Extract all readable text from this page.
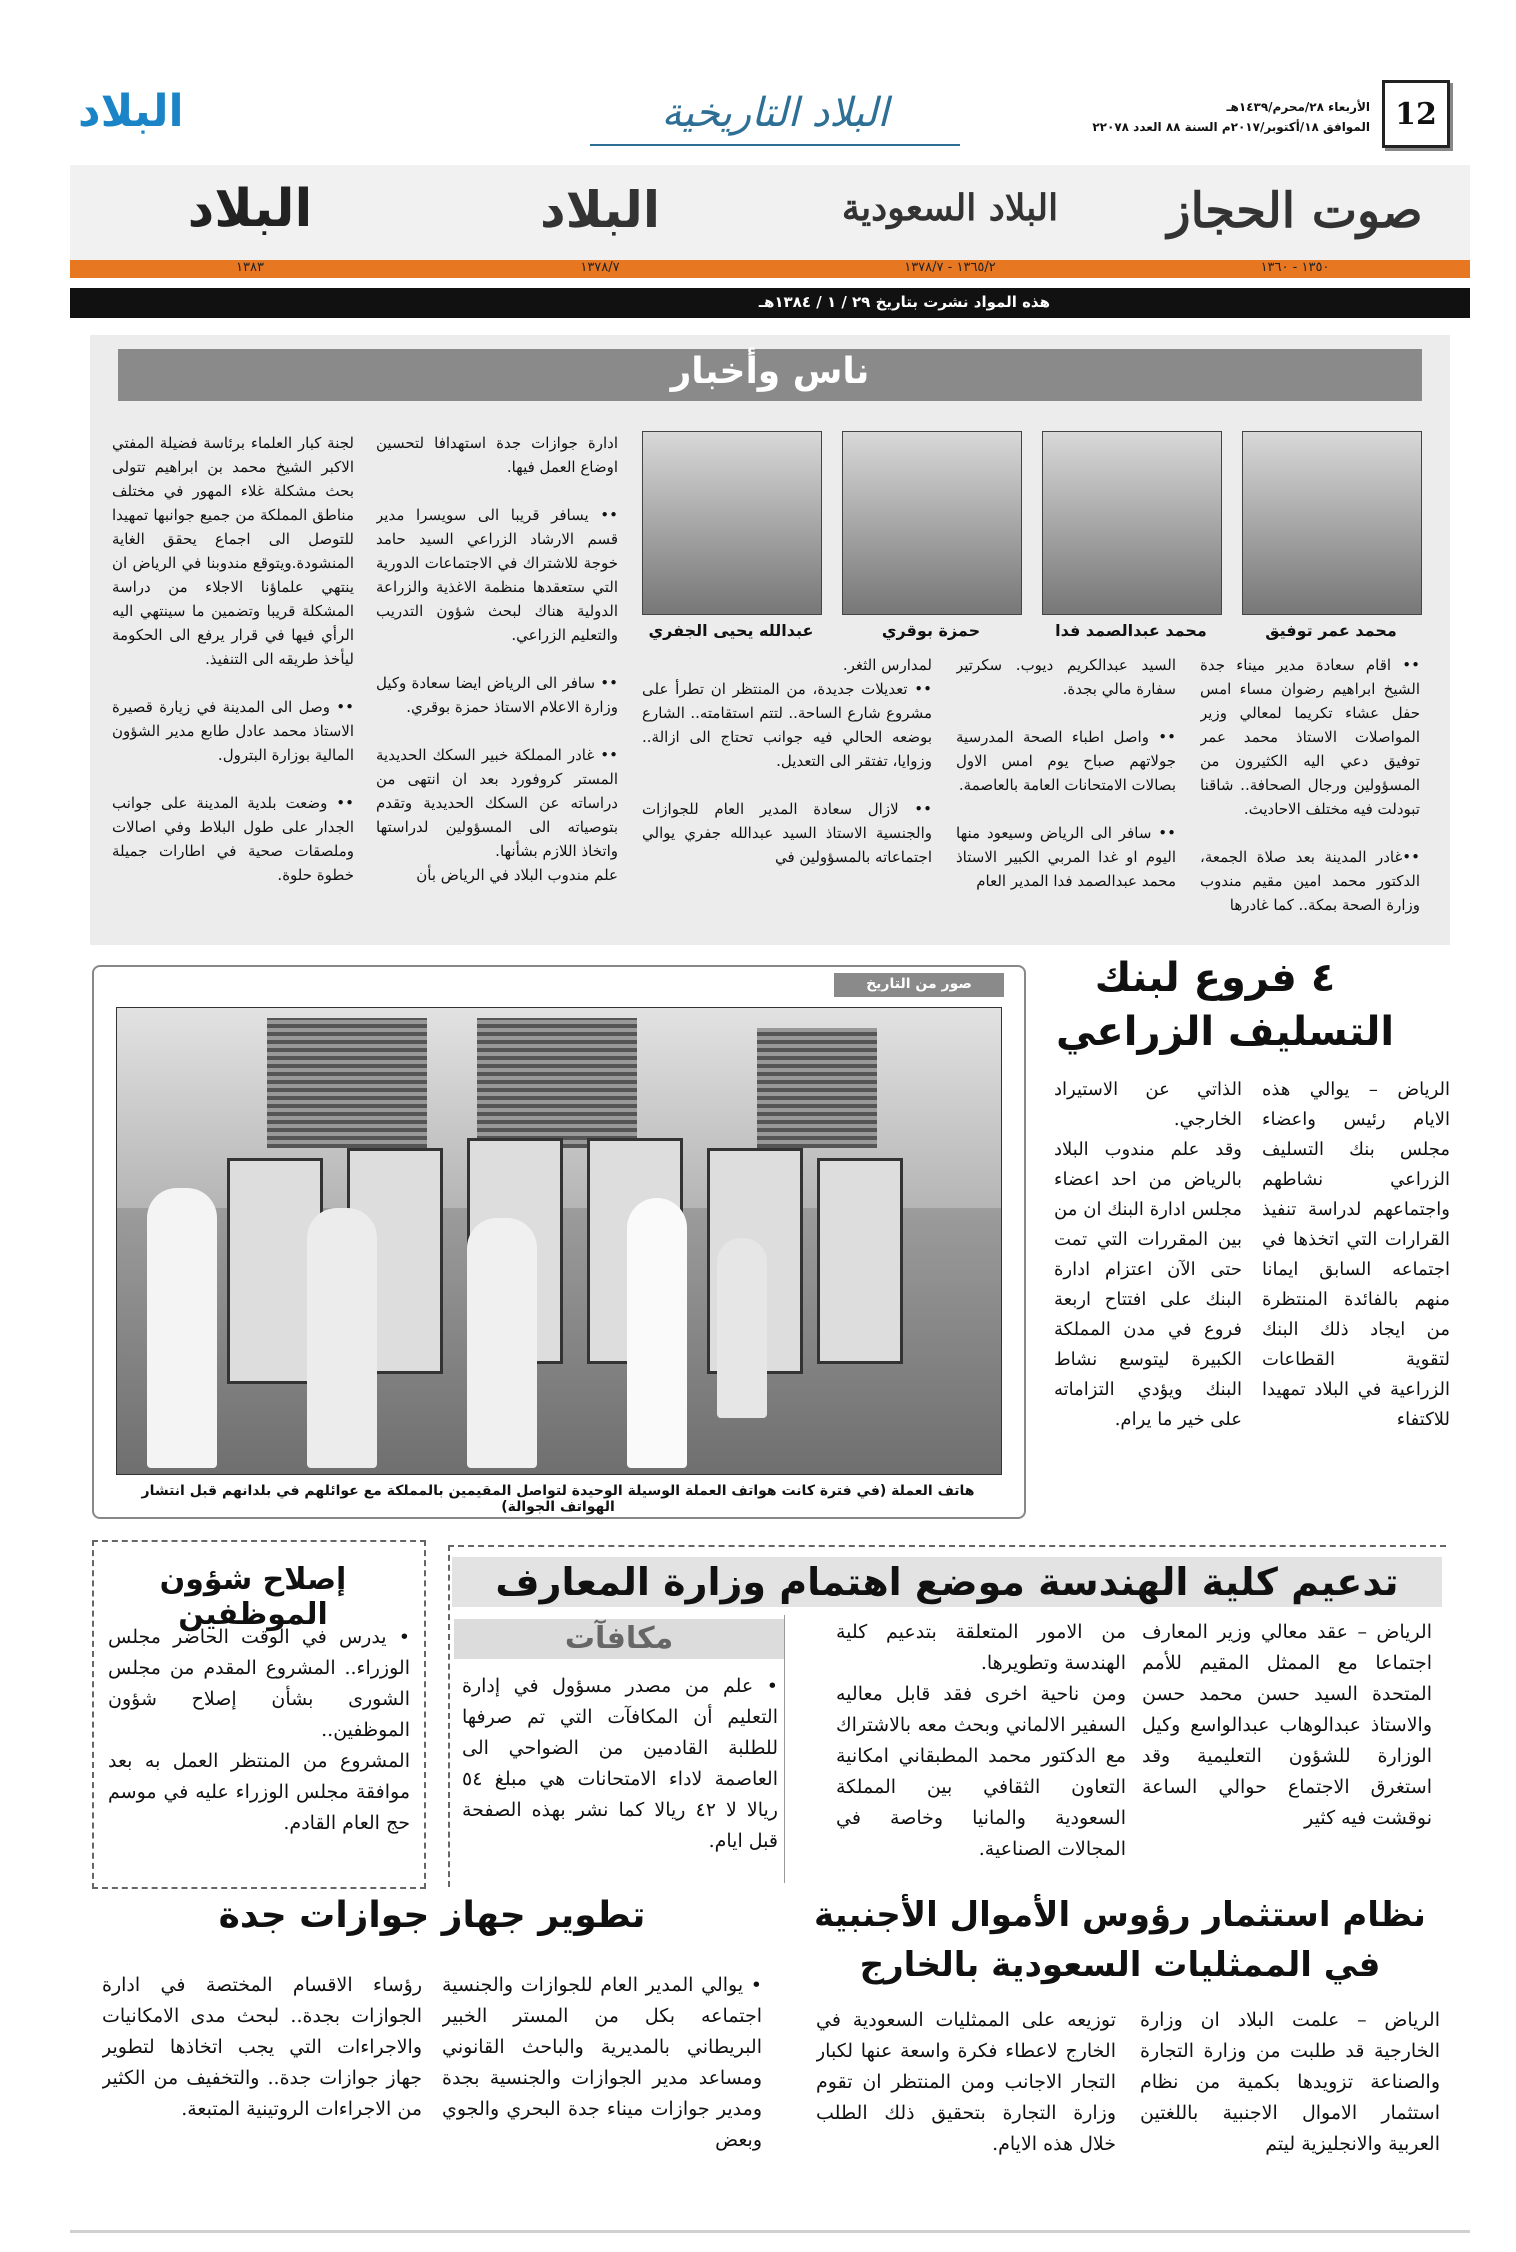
12
الأربعاء ٢٨/محرم/١٤٣٩هـ
الموافق ١٨/أكتوبر/٢٠١٧م السنة ٨٨ العدد ٢٢٠٧٨
البلاد التاريخية
البلاد
صوت الحجاز
البلاد السعودية
البلاد
البلاد
١٣٥٠ - ١٣٦٠
١٣٦٥/٢ - ١٣٧٨/٧
١٣٧٨/٧
١٣٨٣
هذه المواد نشرت بتاريخ ٢٩ / ١ / ١٣٨٤هـ
ناس وأخبار
محمد عمر توفيق
محمد عبدالصمد فدا
حمزة بوقري
عبدالله يحيى الجفري
•• اقام سعادة مدير ميناء جدة الشيخ ابراهيم رضوان مساء امس حفل عشاء تكريما لمعالي وزير المواصلات الاستاذ محمد عمر توفيق دعي اليه الكثيرون من المسؤولين ورجال الصحافة.. شاقنا تبودلت فيه مختلف الاحاديث.

••غادر المدينة بعد صلاة الجمعة، الدكتور محمد امين مقيم مندوب وزارة الصحة بمكة.. كما غادرها
السيد عبدالكريم ديوب. سكرتير سفارة مالي بجدة.

•• واصل اطباء الصحة المدرسية جولاتهم صباح يوم امس الاول بصالات الامتحانات العامة بالعاصمة.

•• سافر الى الرياض وسيعود منها اليوم او غدا المربي الكبير الاستاذ محمد عبدالصمد فدا المدير العام
لمدارس الثغر.
•• تعديلات جديدة، من المنتظر ان تطرأ على مشروع شارع الساحة.. لتتم استقامته.. الشارع بوضعه الحالي فيه جوانب تحتاج الى ازالة.. وزوايا، تفتقر الى التعديل.

•• لازال سعادة المدير العام للجوازات والجنسية الاستاذ السيد عبدالله جفري يوالي اجتماعاته بالمسؤولين في
ادارة جوازات جدة استهدافا لتحسين اوضاع العمل فيها.

•• يسافر قريبا الى سويسرا مدير قسم الارشاد الزراعي السيد حامد خوجة للاشتراك في الاجتماعات الدورية التي ستعقدها منظمة الاغذية والزراعة الدولية هناك لبحث شؤون التدريب والتعليم الزراعي.

•• سافر الى الرياض ايضا سعادة وكيل وزارة الاعلام الاستاذ حمزة بوقري.

•• غادر المملكة خبير السكك الحديدية المستر كروفورد بعد ان انتهى من دراساته عن السكك الحديدية وتقدم بتوصياته الى المسؤولين لدراستها واتخاذ اللازم بشأنها.
علم مندوب البلاد في الرياض بأن
لجنة كبار العلماء برئاسة فضيلة المفتي الاكبر الشيخ محمد بن ابراهيم تتولى بحث مشكلة غلاء المهور في مختلف مناطق المملكة من جميع جوانبها تمهيدا للتوصل الى اجماع يحقق الغاية المنشودة.ويتوقع مندوبنا في الرياض ان ينتهي علماؤنا الاجلاء من دراسة المشكلة قريبا وتضمين ما سينتهي اليه الرأي فيها في قرار يرفع الى الحكومة ليأخذ طريقه الى التنفيذ.

•• وصل الى المدينة في زيارة قصيرة الاستاذ محمد عادل طابع مدير الشؤون المالية بوزارة البترول.

•• وضعت بلدية المدينة على جوانب الجدار على طول البلاط وفي اصالات وملصقات صحية في اطارات جميلة خطوة حلوة.
٤ فروع لبنك
التسليف الزراعي
الرياض – يوالي هذه الايام رئيس واعضاء مجلس بنك التسليف الزراعي نشاطهم واجتماعهم لدراسة تنفيذ القرارات التي اتخذها في اجتماعه السابق ايمانا منهم بالفائدة المنتظرة من ايجاد ذلك البنك لتقوية القطاعات الزراعية في البلاد تمهيدا للاكتفاء
الذاتي عن الاستيراد الخارجي.
وقد علم مندوب البلاد بالرياض من احد اعضاء مجلس ادارة البنك ان من بين المقررات التي تمت حتى الآن اعتزام ادارة البنك على افتتاح اربعة فروع في مدن المملكة الكبيرة ليتوسع نشاط البنك ويؤدي التزاماته على خير ما يرام.
صور من التاريخ
هاتف العملة (في فترة كانت هواتف العملة الوسيلة الوحيدة لتواصل المقيمين بالمملكة مع عوائلهم في بلدانهم قبل انتشار الهواتف الجوالة)
تدعيم كلية الهندسة موضع اهتمام وزارة المعارف
الرياض – عقد معالي وزير المعارف اجتماعا مع الممثل المقيم للأمم المتحدة السيد حسن محمد حسن والاستاذ عبدالوهاب عبدالواسع وكيل الوزارة للشؤون التعليمية وقد استغرق الاجتماع حوالي الساعة نوقشت فيه كثير
من الامور المتعلقة بتدعيم كلية الهندسة وتطويرها.
ومن ناحية اخرى فقد قابل معاليه السفير الالماني وبحث معه بالاشتراك مع الدكتور محمد المطبقاني امكانية التعاون الثقافي بين المملكة السعودية والمانيا وخاصة في المجالات الصناعية.
مكافآت
• علم من مصدر مسؤول في إدارة التعليم أن المكافآت التي تم صرفها للطلبة القادمين من الضواحي الى العاصمة لاداء الامتحانات هي مبلغ ٥٤ ريالا لا ٤٢ ريالا كما نشر بهذه الصفحة قبل ايام.
إصلاح شؤون الموظفين
• يدرس في الوقت الحاضر مجلس الوزراء.. المشروع المقدم من مجلس الشورى بشأن إصلاح شؤون الموظفين..
المشروع من المنتظر العمل به بعد موافقة مجلس الوزراء عليه في موسم حج العام القادم.
نظام استثمار رؤوس الأموال الأجنبية
في الممثليات السعودية بالخارج
الرياض – علمت البلاد ان وزارة الخارجية قد طلبت من وزارة التجارة والصناعة تزويدها بكمية من نظام استثمار الاموال الاجنبية باللغتين العربية والانجليزية ليتم
توزيعه على الممثليات السعودية في الخارج لاعطاء فكرة واسعة عنها لكبار التجار الاجانب ومن المنتظر ان تقوم وزارة التجارة بتحقيق ذلك الطلب خلال هذه الايام.
تطوير جهاز جوازات جدة
• يوالي المدير العام للجوازات والجنسية اجتماعه بكل من المستر الخبير البريطاني بالمديرية والباحث القانوني ومساعد مدير الجوازات والجنسية بجدة ومدير جوازات ميناء جدة البحري والجوي وبعض
رؤساء الاقسام المختصة في ادارة الجوازات بجدة.. لبحث مدى الامكانيات والاجراءات التي يجب اتخاذها لتطوير جهاز جوازات جدة.. والتخفيف من الكثير من الاجراءات الروتينية المتبعة.
